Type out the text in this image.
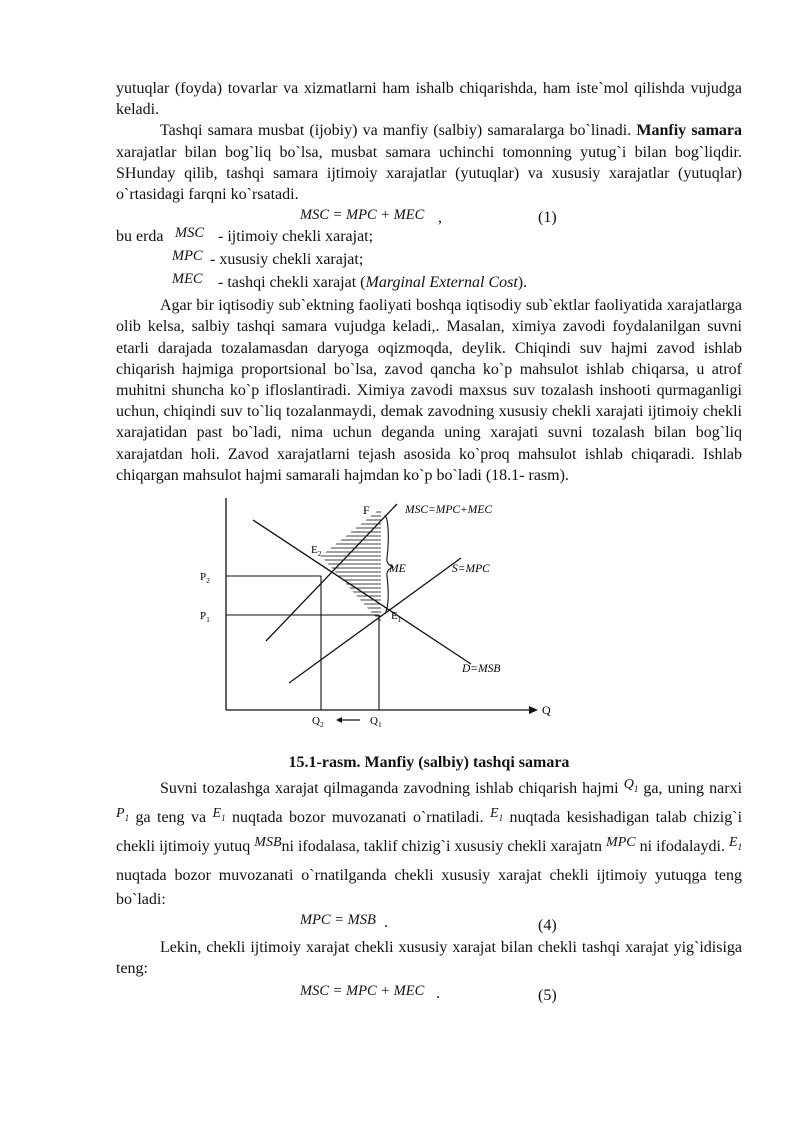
yutuqlar (foyda) tovarlar va xizmatlarni ham ishalb chiqarishda, ham iste`mol qilishda vujudga keladi.

Tashqi samara musbat (ijobiy) va manfiy (salbiy) samaralarga bo`linadi. Manfiy samara xarajatlar bilan bog`liq bo`lsa, musbat samara uchinchi tomonning yutug`i bilan bog`liqdir. SHunday qilib, tashqi samara ijtimoiy xarajatlar (yutuqlar) va xususiy xarajatlar (yutuqlar) o`rtasidagi farqni ko`rsatadi.

MSC = MPC + MEC ,	(1)
bu erda MSC - ijtimoiy chekli xarajat;
MPC - xususiy chekli xarajat;
MEC - tashqi chekli xarajat (Marginal External Cost).

Agar bir iqtisodiy sub`ektning faoliyati boshqa iqtisodiy sub`ektlar faoliyatida xarajatlarga olib kelsa, salbiy tashqi samara vujudga keladi,. Masalan, ximiya zavodi foydalanilgan suvni etarli darajada tozalamasdan daryoga oqizmoqda, deylik. Chiqindi suv hajmi zavod ishlab chiqarish hajmiga proportsional bo`lsa, zavod qancha ko`p mahsulot ishlab chiqarsa, u atrof muhitni shuncha ko`p ifloslantiradi. Ximiya zavodi maxsus suv tozalash inshooti qurmaganligi uchun, chiqindi suv to`liq tozalanmaydi, demak zavodning xususiy chekli xarajati ijtimoiy chekli xarajatidan past bo`ladi, nima uchun deganda uning xarajati suvni tozalash bilan bog`liq xarajatdan holi. Zavod xarajatlarni tejash asosida ko`proq mahsulot ishlab chiqaradi. Ishlab chiqargan mahsulot hajmi samarali hajmdan ko`p bo`ladi (18.1- rasm).

F	MSC=MPC+MEC
$E_2$
ME	S=MPC
$P_2$
$P_1$	$E_1$
D=MSB
Q
$Q_2$	$Q_1$

15.1-rasm. Manfiy (salbiy) tashqi samara

Suvni tozalashga xarajat qilmaganda zavodning ishlab chiqarish hajmi $Q_1$ ga, uning narxi $P_1$ ga teng va $E_1$ nuqtada bozor muvozanati o`rnatiladi. $E_1$ nuqtada kesishadigan talab chizig`i chekli ijtimoiy yutuq MSBni ifodalasa, taklif chizig`i xususiy chekli xarajatn MPC ni ifodalaydi. $E_1$ nuqtada bozor muvozanati o`rnatilganda chekli xususiy xarajat chekli ijtimoiy yutuqga teng bo`ladi:

MPC = MSB .	(4)

Lekin, chekli ijtimoiy xarajat chekli xususiy xarajat bilan chekli tashqi xarajat yig`idisiga teng:

MSC = MPC + MEC .	(5)
